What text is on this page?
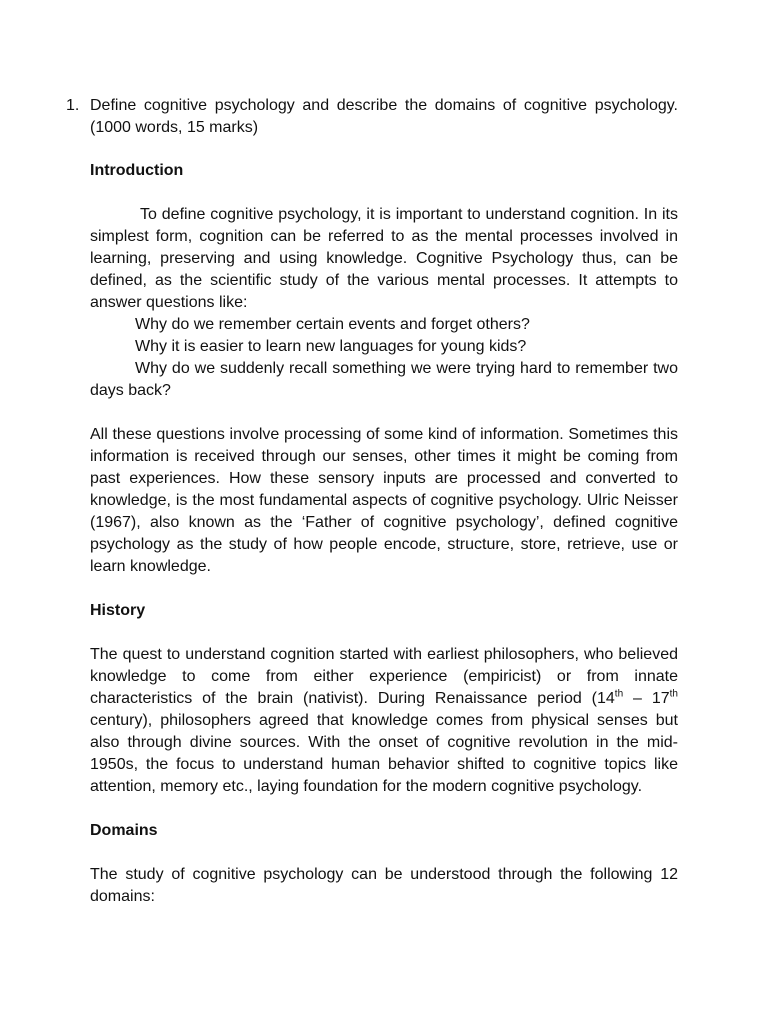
1. Define cognitive psychology and describe the domains of cognitive psychology. (1000 words, 15 marks)

Introduction

To define cognitive psychology, it is important to understand cognition. In its simplest form, cognition can be referred to as the mental processes involved in learning, preserving and using knowledge. Cognitive Psychology thus, can be defined, as the scientific study of the various mental processes. It attempts to answer questions like:

Why do we remember certain events and forget others?

Why it is easier to learn new languages for young kids?

Why do we suddenly recall something we were trying hard to remember two days back?

All these questions involve processing of some kind of information. Sometimes this information is received through our senses, other times it might be coming from past experiences. How these sensory inputs are processed and converted to knowledge, is the most fundamental aspects of cognitive psychology. Ulric Neisser (1967), also known as the ‘Father of cognitive psychology’, defined cognitive psychology as the study of how people encode, structure, store, retrieve, use or learn knowledge.

History

The quest to understand cognition started with earliest philosophers, who believed knowledge to come from either experience (empiricist) or from innate characteristics of the brain (nativist). During Renaissance period (14th – 17th century), philosophers agreed that knowledge comes from physical senses but also through divine sources. With the onset of cognitive revolution in the mid-1950s, the focus to understand human behavior shifted to cognitive topics like attention, memory etc., laying foundation for the modern cognitive psychology.

Domains

The study of cognitive psychology can be understood through the following 12 domains:
